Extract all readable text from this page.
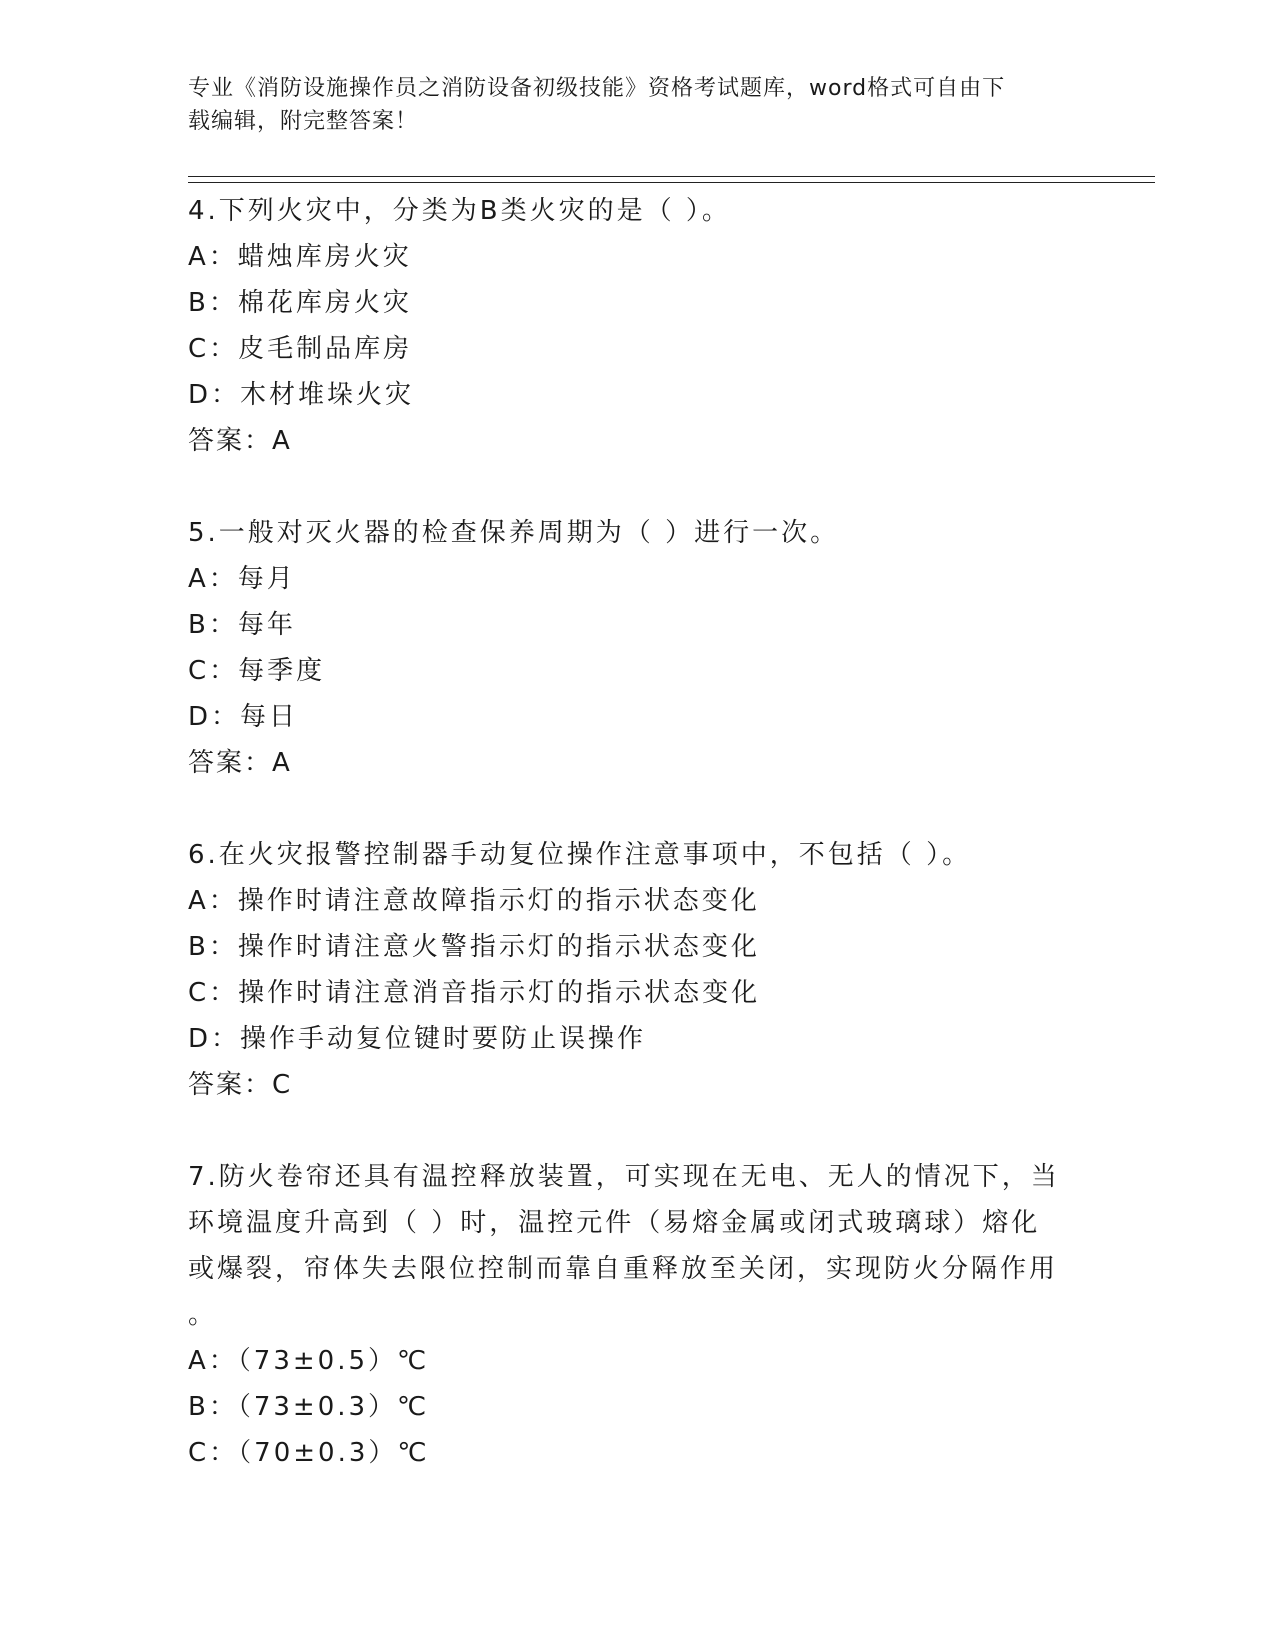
专业《消防设施操作员之消防设备初级技能》资格考试题库，word格式可自由下
载编辑，附完整答案！
4.下列火灾中，分类为B类火灾的是（ ）。
A：蜡烛库房火灾
B：棉花库房火灾
C：皮毛制品库房
D：木材堆垛火灾
答案：A
5.一般对灭火器的检查保养周期为（ ）进行一次。
A：每月
B：每年
C：每季度
D：每日
答案：A
6.在火灾报警控制器手动复位操作注意事项中，不包括（ ）。
A：操作时请注意故障指示灯的指示状态变化
B：操作时请注意火警指示灯的指示状态变化
C：操作时请注意消音指示灯的指示状态变化
D：操作手动复位键时要防止误操作
答案：C
7.防火卷帘还具有温控释放装置，可实现在无电、无人的情况下，当
环境温度升高到（ ）时，温控元件（易熔金属或闭式玻璃球）熔化
或爆裂，帘体失去限位控制而靠自重释放至关闭，实现防火分隔作用
。
A：（73±0.5）℃
B：（73±0.3）℃
C：（70±0.3）℃
